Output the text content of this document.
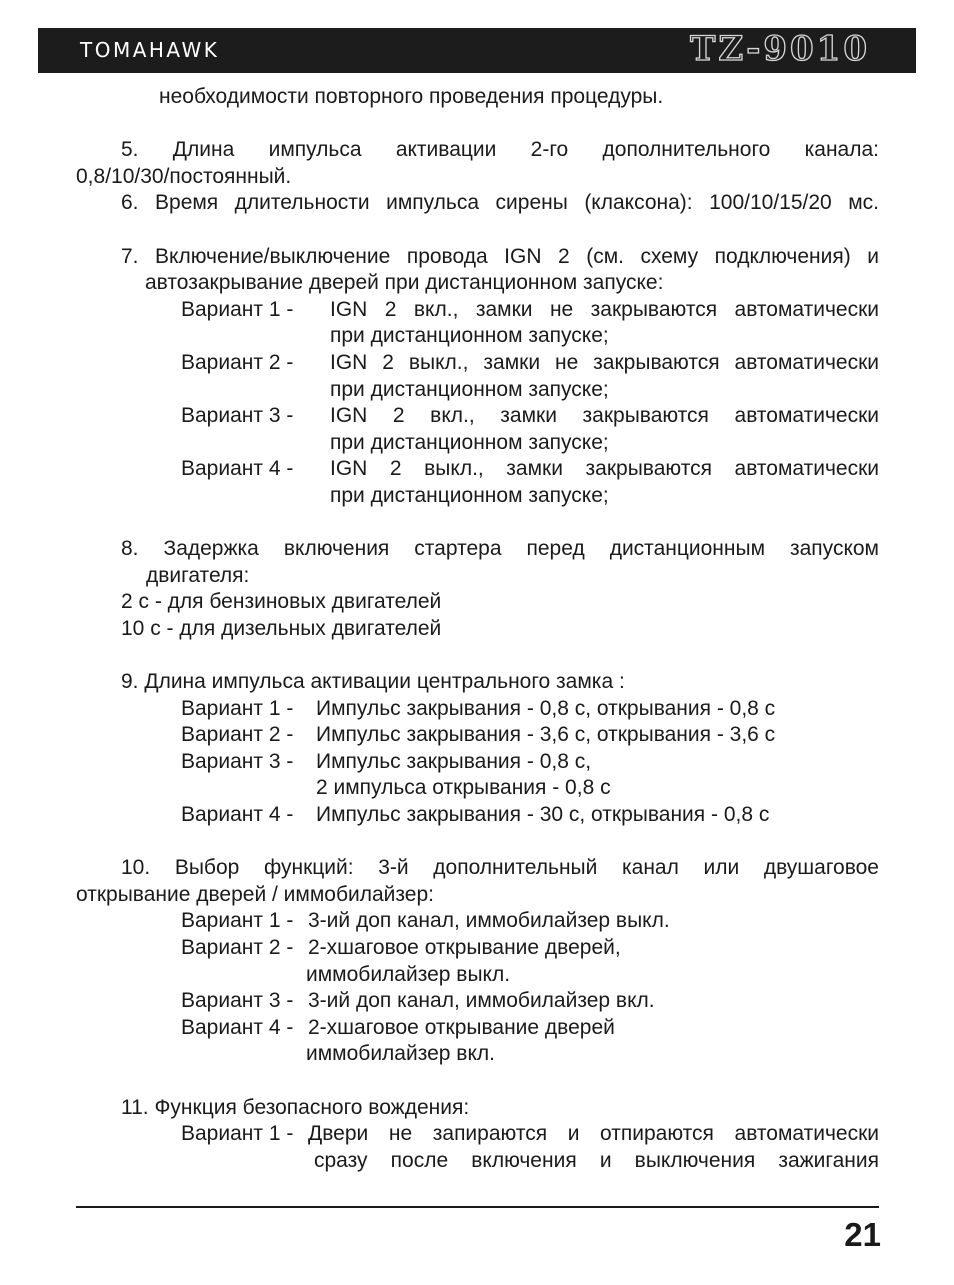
TOMAHAWK	TZ-9010
необходимости повторного проведения процедуры.
5. Длина импульса активации 2-го дополнительного канала:
0,8/10/30/постоянный.
6. Время длительности импульса сирены (клаксона): 100/10/15/20 мс.
7. Включение/выключение провода IGN 2 (см. схему подключения) и
автозакрывание дверей при дистанционном запуске:
Вариант 1 -	IGN 2 вкл., замки не закрываются автоматически
при дистанционном запуске;
Вариант 2 -	IGN 2 выкл., замки не закрываются автоматически
при дистанционном запуске;
Вариант 3 -	IGN 2 вкл., замки закрываются автоматически
при дистанционном запуске;
Вариант 4 -	IGN 2 выкл., замки закрываются автоматически
при дистанционном запуске;
8. Задержка включения стартера перед дистанционным запуском
двигателя:
2 с - для бензиновых двигателей
10 с - для дизельных двигателей
9. Длина импульса активации центрального замка :
Вариант 1 -	Импульс закрывания - 0,8 с, открывания - 0,8 с
Вариант 2 -	Импульс закрывания - 3,6 с, открывания - 3,6 с
Вариант 3 -	Импульс закрывания - 0,8 с,
2 импульса открывания - 0,8 с
Вариант 4 -	Импульс закрывания - 30 с, открывания - 0,8 с
10. Выбор функций: 3-й дополнительный канал или двушаговое
открывание дверей / иммобилайзер:
Вариант 1 - 3-ий доп канал, иммобилайзер выкл.
Вариант 2 - 2-хшаговое открывание дверей,
иммобилайзер выкл.
Вариант 3 - 3-ий доп канал, иммобилайзер вкл.
Вариант 4 - 2-хшаговое открывание дверей
иммобилайзер вкл.
11. Функция безопасного вождения:
Вариант 1 - Двери не запираются и отпираются автоматически
сразу после включения и выключения зажигания
21
